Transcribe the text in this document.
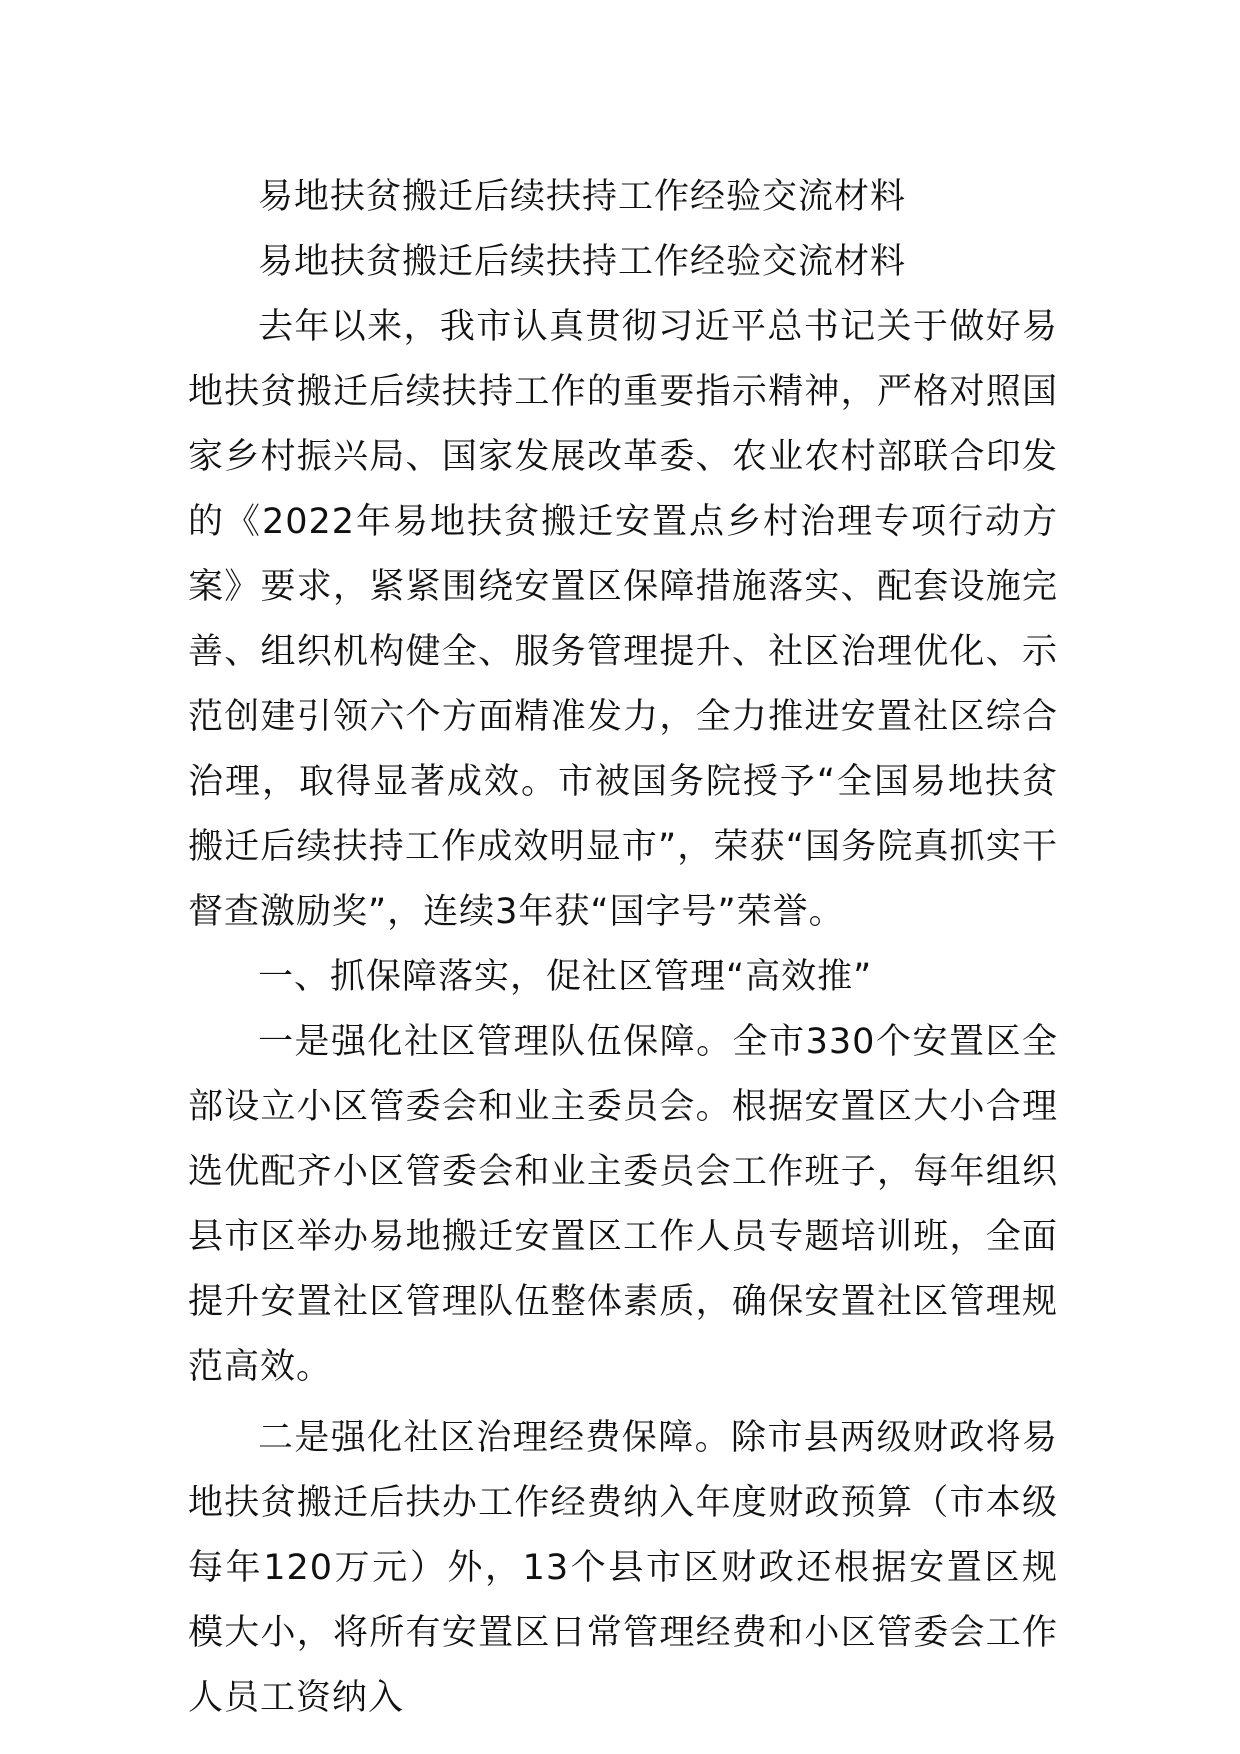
易地扶贫搬迁后续扶持工作经验交流材料

易地扶贫搬迁后续扶持工作经验交流材料

去年以来，我市认真贯彻习近平总书记关于做好易地扶贫搬迁后续扶持工作的重要指示精神，严格对照国家乡村振兴局、国家发展改革委、农业农村部联合印发的《2022年易地扶贫搬迁安置点乡村治理专项行动方案》要求，紧紧围绕安置区保障措施落实、配套设施完善、组织机构健全、服务管理提升、社区治理优化、示范创建引领六个方面精准发力，全力推进安置社区综合治理，取得显著成效。市被国务院授予“全国易地扶贫搬迁后续扶持工作成效明显市”，荣获“国务院真抓实干督查激励奖”，连续3年获“国字号”荣誉。

一、抓保障落实，促社区管理“高效推”

一是强化社区管理队伍保障。全市330个安置区全部设立小区管委会和业主委员会。根据安置区大小合理选优配齐小区管委会和业主委员会工作班子，每年组织县市区举办易地搬迁安置区工作人员专题培训班，全面提升安置社区管理队伍整体素质，确保安置社区管理规范高效。

二是强化社区治理经费保障。除市县两级财政将易地扶贫搬迁后扶办工作经费纳入年度财政预算（市本级每年120万元）外，13个县市区财政还根据安置区规模大小，将所有安置区日常管理经费和小区管委会工作人员工资纳入
